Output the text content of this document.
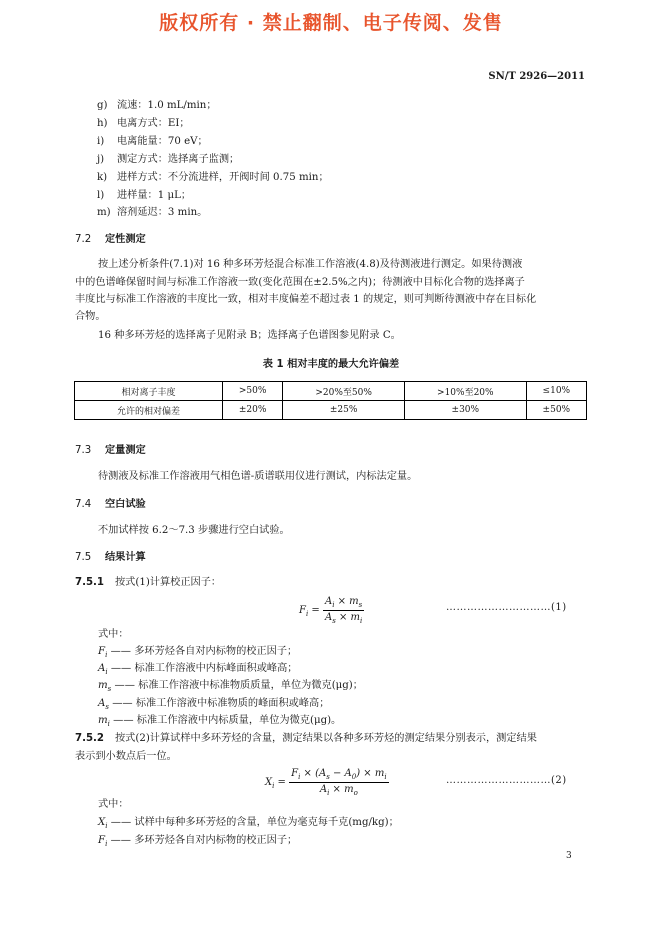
版权所有 · 禁止翻制、电子传阅、发售
SN/T 2926—2011
g) 流速：1.0 mL/min；
h) 电离方式：EI；
i) 电离能量：70 eV；
j) 测定方式：选择离子监测；
k) 进样方式：不分流进样，开阀时间 0.75 min；
l) 进样量：1 μL；
m) 溶剂延迟：3 min。
7.2 定性测定
按上述分析条件(7.1)对 16 种多环芳烃混合标准工作溶液(4.8)及待测液进行测定。如果待测液
中的色谱峰保留时间与标准工作溶液一致(变化范围在±2.5%之内)；待测液中目标化合物的选择离子
丰度比与标准工作溶液的丰度比一致，相对丰度偏差不超过表 1 的规定，则可判断待测液中存在目标化
合物。
16 种多环芳烃的选择离子见附录 B；选择离子色谱图参见附录 C。
表 1 相对丰度的最大允许偏差
相对离子丰度	>50%	>20%至50%	>10%至20%	≤10%
允许的相对偏差	±20%	±25%	±30%	±50%
7.3 定量测定
待测液及标准工作溶液用气相色谱-质谱联用仪进行测试，内标法定量。
7.4 空白试验
不加试样按 6.2～7.3 步骤进行空白试验。
7.5 结果计算
7.5.1 按式(1)计算校正因子：
$F_i = \frac{A_i \times m_s}{A_s \times m_i}$	…………………………(1)
式中：
$F_i$ —— 多环芳烃各自对内标物的校正因子；
$A_i$ —— 标准工作溶液中内标峰面积或峰高；
$m_s$ —— 标准工作溶液中标准物质质量，单位为微克(μg)；
$A_s$ —— 标准工作溶液中标准物质的峰面积或峰高；
$m_i$ —— 标准工作溶液中内标质量，单位为微克(μg)。
7.5.2 按式(2)计算试样中多环芳烃的含量，测定结果以各种多环芳烃的测定结果分别表示，测定结果
表示到小数点后一位。
$X_i = \frac{F_i \times (A_s - A_0) \times m_i}{A_i \times m_o}$	…………………………(2)
式中：
$X_i$ —— 试样中每种多环芳烃的含量，单位为毫克每千克(mg/kg)；
$F_i$ —— 多环芳烃各自对内标物的校正因子；
3
